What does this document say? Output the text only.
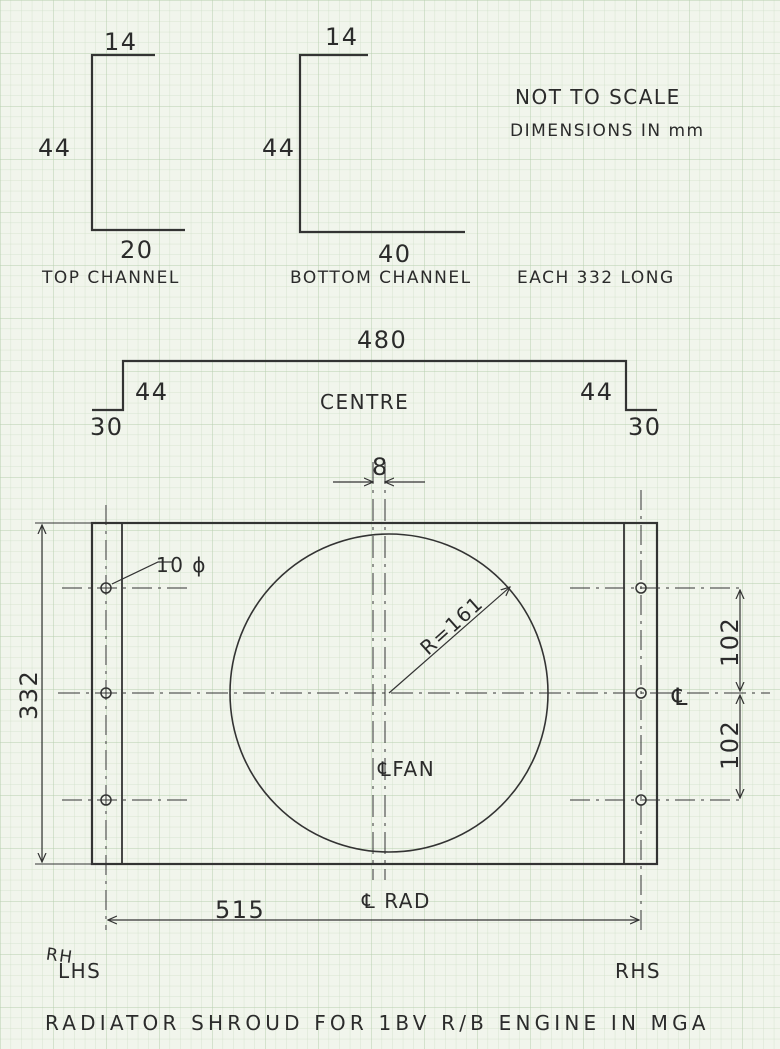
NOT TO SCALE
DIMENSIONS IN mm
14
44
20
TOP CHANNEL
14
44
40
BOTTOM CHANNEL	EACH 332 LONG
480
44	CENTRE	44
30	30
R=161
10 ϕ
8
332
102
102
℄
℄FAN
℄ RAD
515
RH
LHS	RHS
RADIATOR SHROUD FOR 1BV R/B ENGINE IN MGA
